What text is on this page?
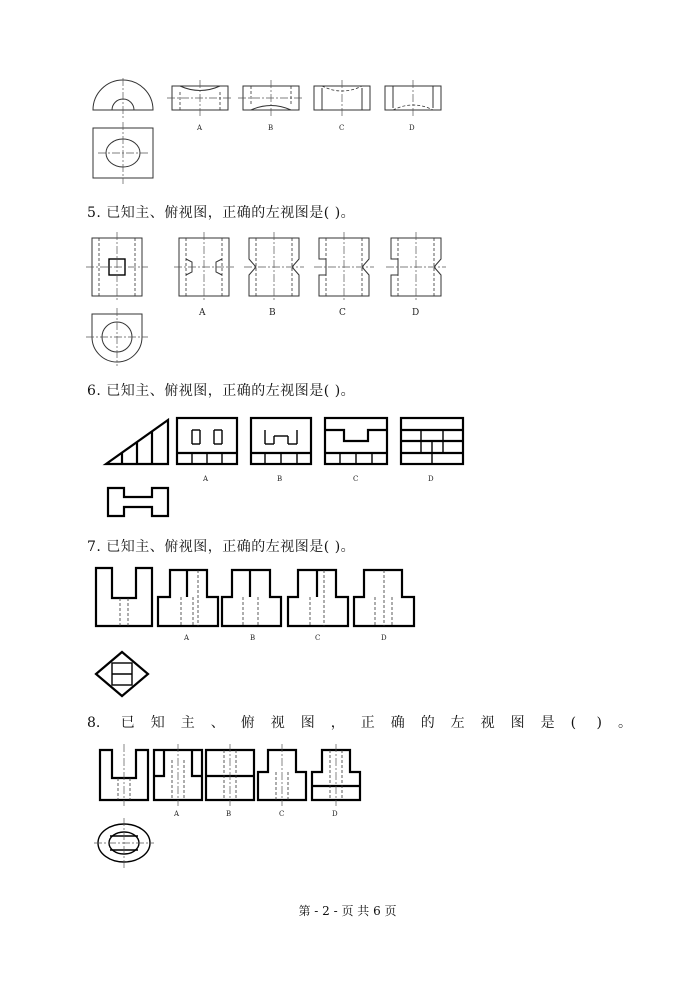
5. 已知主、俯视图，正确的左视图是( )。
6. 已知主、俯视图，正确的左视图是( )。
7. 已知主、俯视图，正确的左视图是( )。
8. 已知主、俯视图，正确的左视图是( )。
第 - 2 - 页 共 6 页
A	B	C	D
A	B	C	D
A	B	C	D
A	B	C	D
A	B	C	D
